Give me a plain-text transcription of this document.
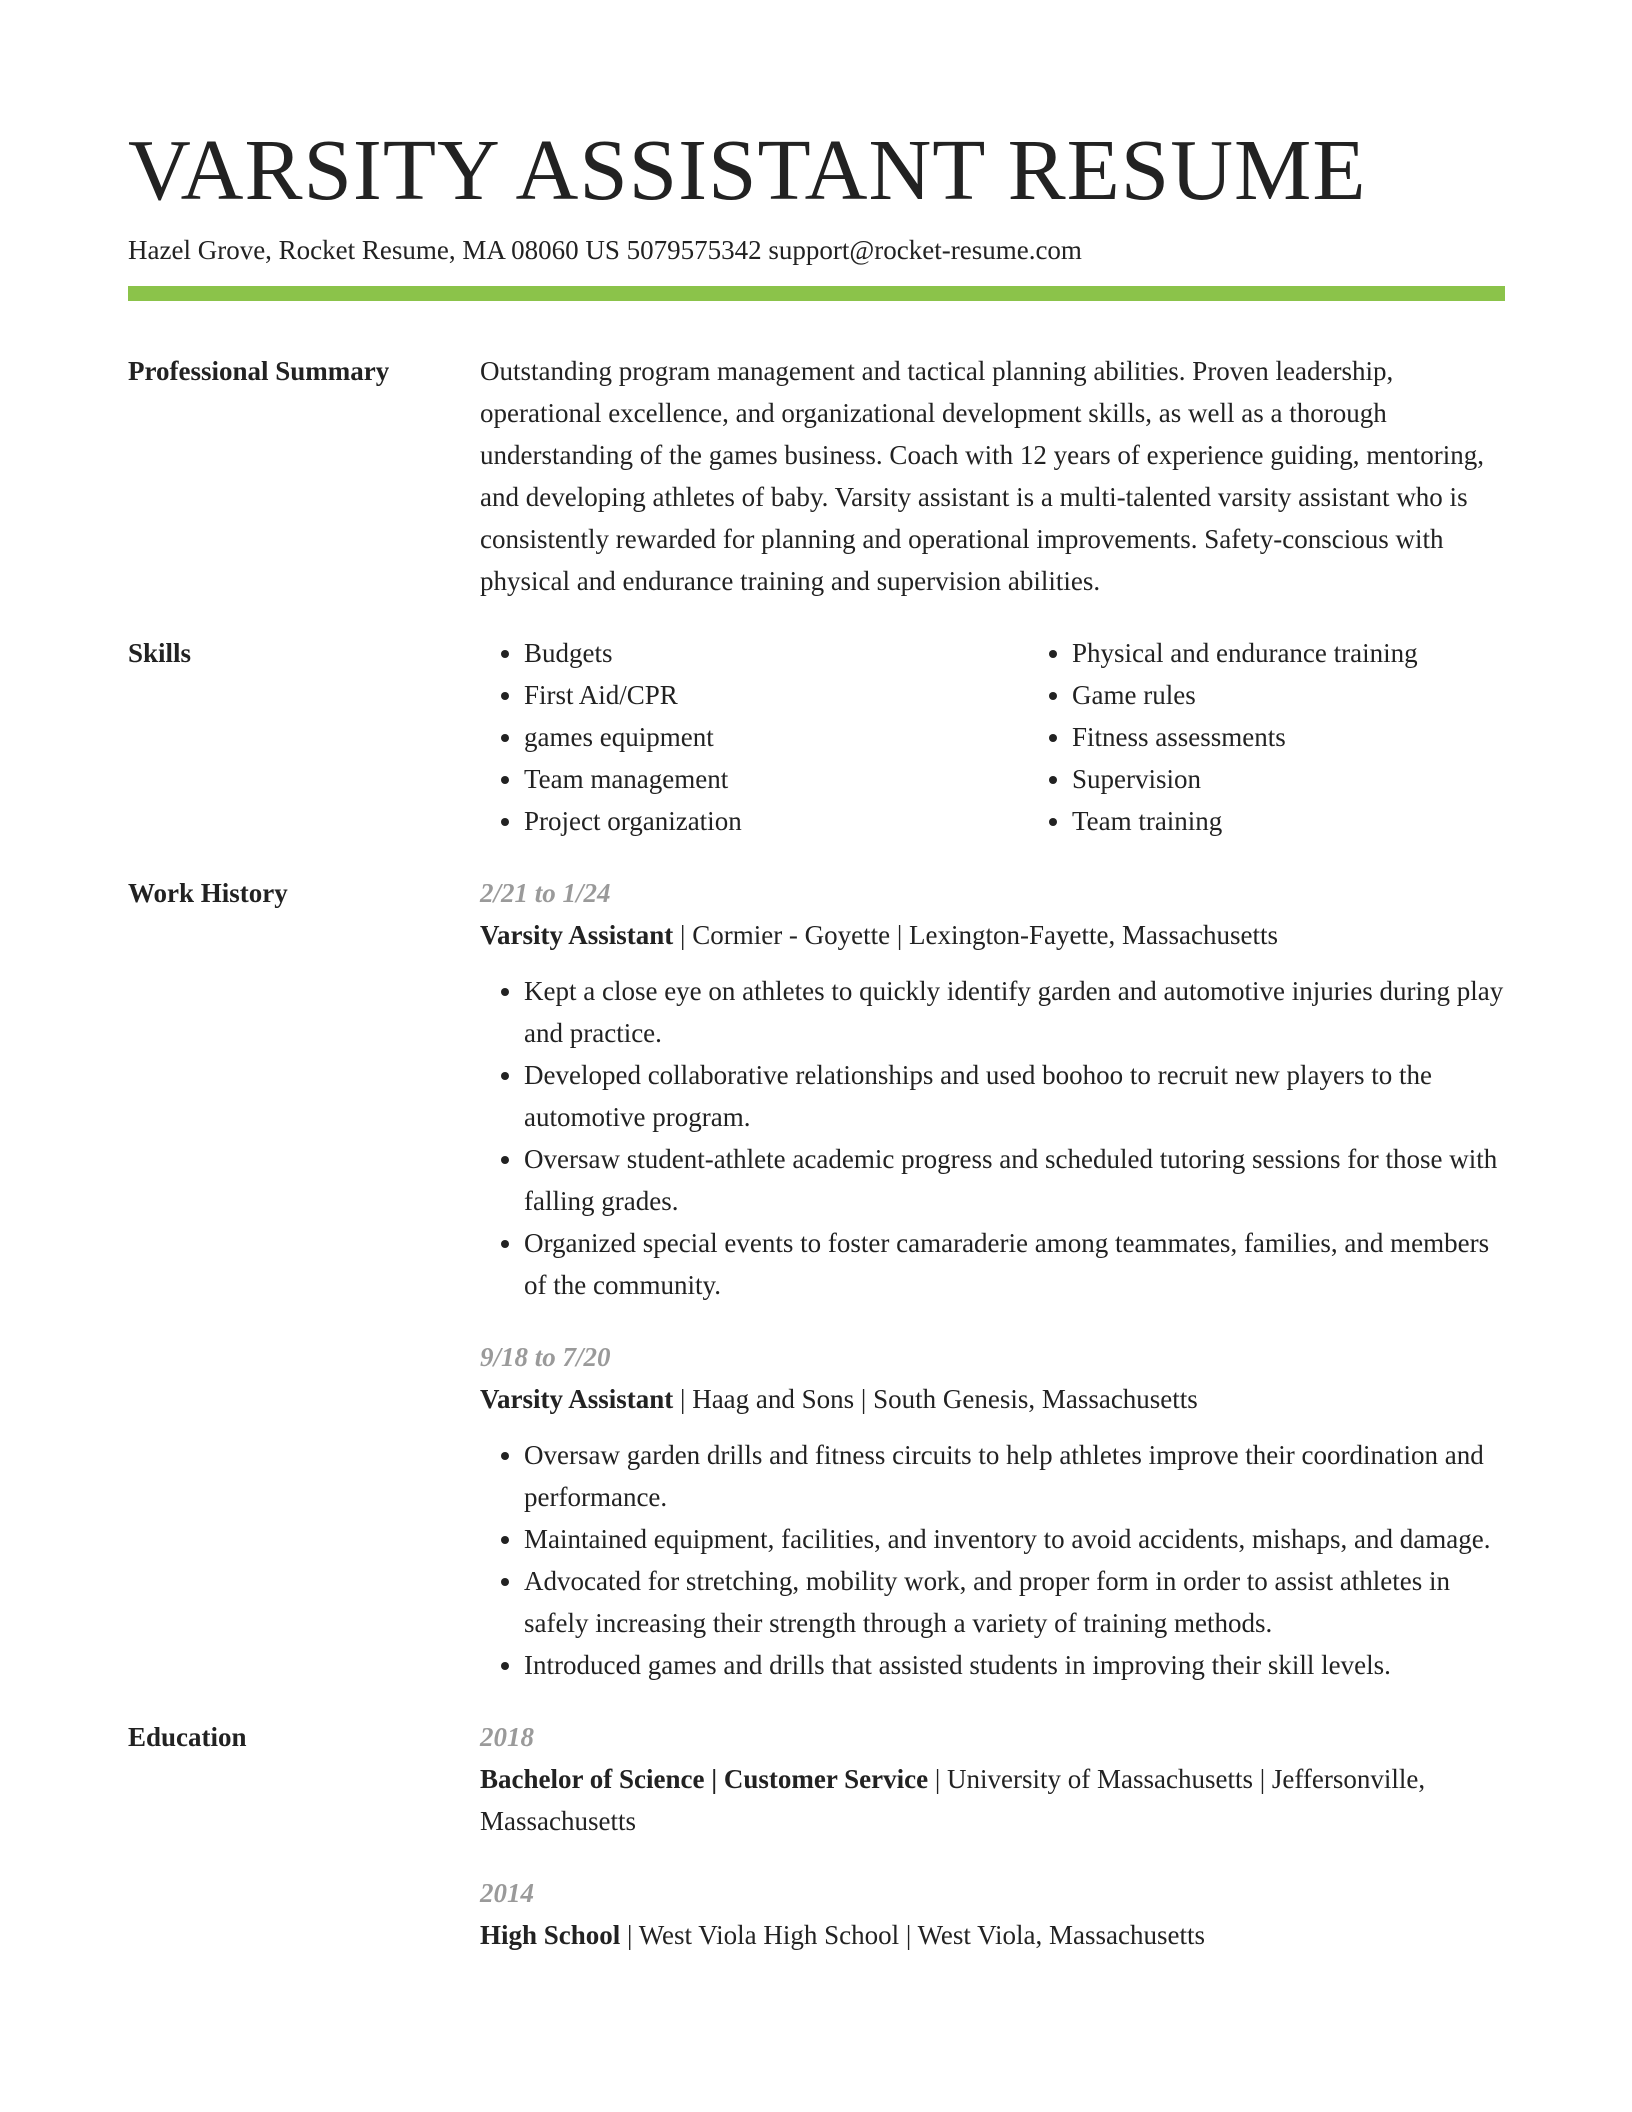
VARSITY ASSISTANT RESUME
Hazel Grove, Rocket Resume, MA 08060 US 5079575342 support@rocket-resume.com
Professional Summary	Outstanding program management and tactical planning abilities. Proven leadership, operational excellence, and organizational development skills, as well as a thorough understanding of the games business. Coach with 12 years of experience guiding, mentoring, and developing athletes of baby. Varsity assistant is a multi-talented varsity assistant who is consistently rewarded for planning and operational improvements. Safety-conscious with physical and endurance training and supervision abilities.

Skills
•	Budgets
• First Aid/CPR
• games equipment
• Team management
• Project organization
• Physical and endurance training
• Game rules
• Fitness assessments
• Supervision
• Team training
Work History	2/21 to 1/24
Varsity Assistant | Cormier - Goyette | Lexington-Fayette, Massachusetts
• Kept a close eye on athletes to quickly identify garden and automotive injuries during play and practice.
• Developed collaborative relationships and used boohoo to recruit new players to the automotive program.
• Oversaw student-athlete academic progress and scheduled tutoring sessions for those with falling grades.
• Organized special events to foster camaraderie among teammates, families, and members of the community.
9/18 to 7/20
Varsity Assistant | Haag and Sons | South Genesis, Massachusetts
• Oversaw garden drills and fitness circuits to help athletes improve their coordination and performance.
• Maintained equipment, facilities, and inventory to avoid accidents, mishaps, and damage.
• Advocated for stretching, mobility work, and proper form in order to assist athletes in safely increasing their strength through a variety of training methods.
• Introduced games and drills that assisted students in improving their skill levels.
Education	2018
Bachelor of Science | Customer Service | University of Massachusetts | Jeffersonville, Massachusetts
2014
High School | West Viola High School | West Viola, Massachusetts
